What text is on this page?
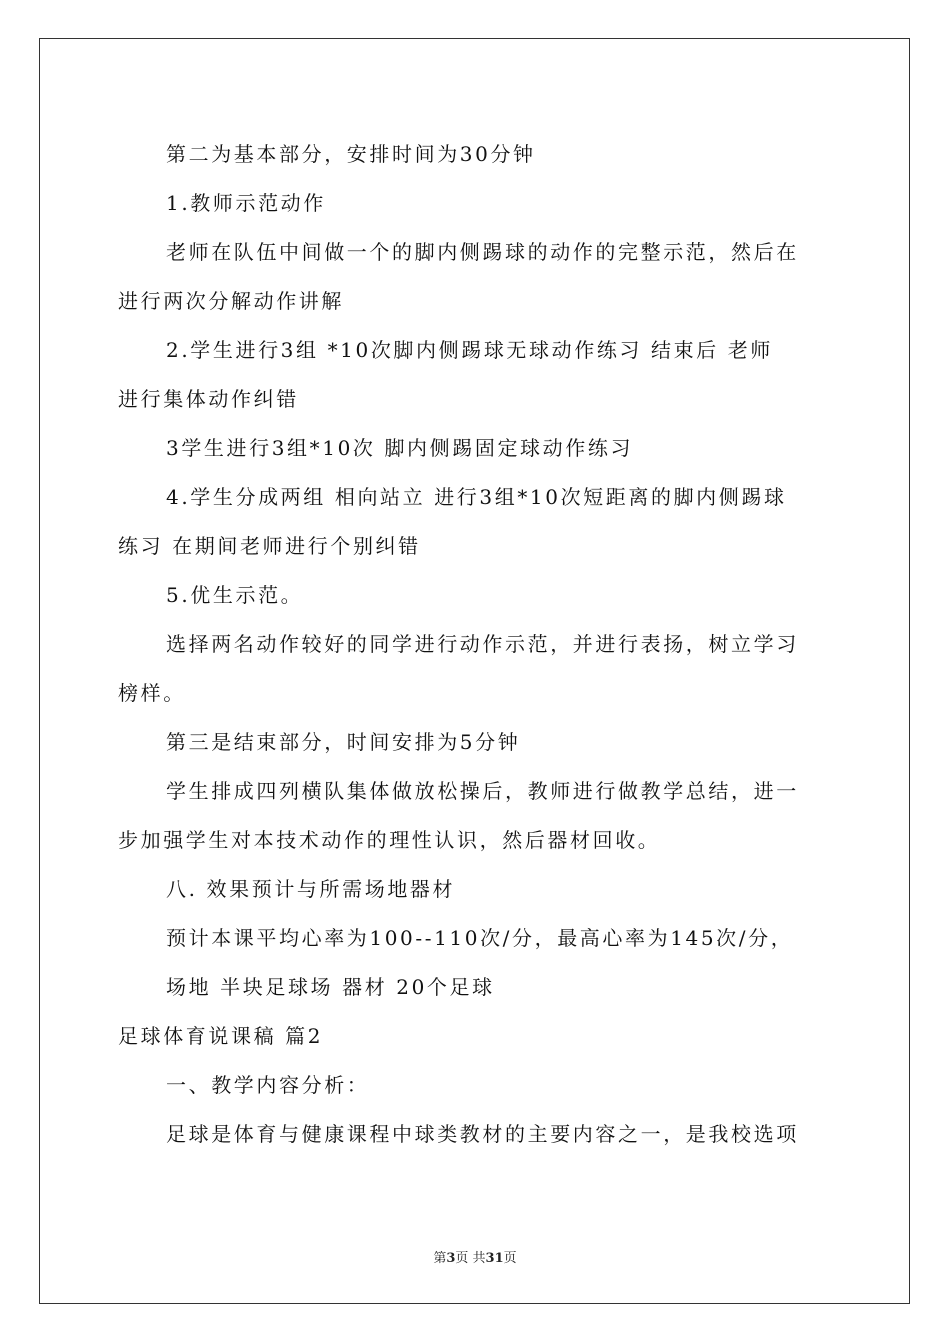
第二为基本部分，安排时间为30分钟

1.教师示范动作

老师在队伍中间做一个的脚内侧踢球的动作的完整示范，然后在

进行两次分解动作讲解

2.学生进行3组 *10次脚内侧踢球无球动作练习 结束后 老师

进行集体动作纠错

3学生进行3组*10次 脚内侧踢固定球动作练习

4.学生分成两组 相向站立 进行3组*10次短距离的脚内侧踢球

练习 在期间老师进行个别纠错

5.优生示范。

选择两名动作较好的同学进行动作示范，并进行表扬，树立学习

榜样。

第三是结束部分，时间安排为5分钟

学生排成四列横队集体做放松操后，教师进行做教学总结，进一

步加强学生对本技术动作的理性认识，然后器材回收。

八. 效果预计与所需场地器材

预计本课平均心率为100--110次/分，最高心率为145次/分，

场地 半块足球场 器材 20个足球

足球体育说课稿 篇2

一、教学内容分析：

足球是体育与健康课程中球类教材的主要内容之一，是我校选项

第3页 共31页
